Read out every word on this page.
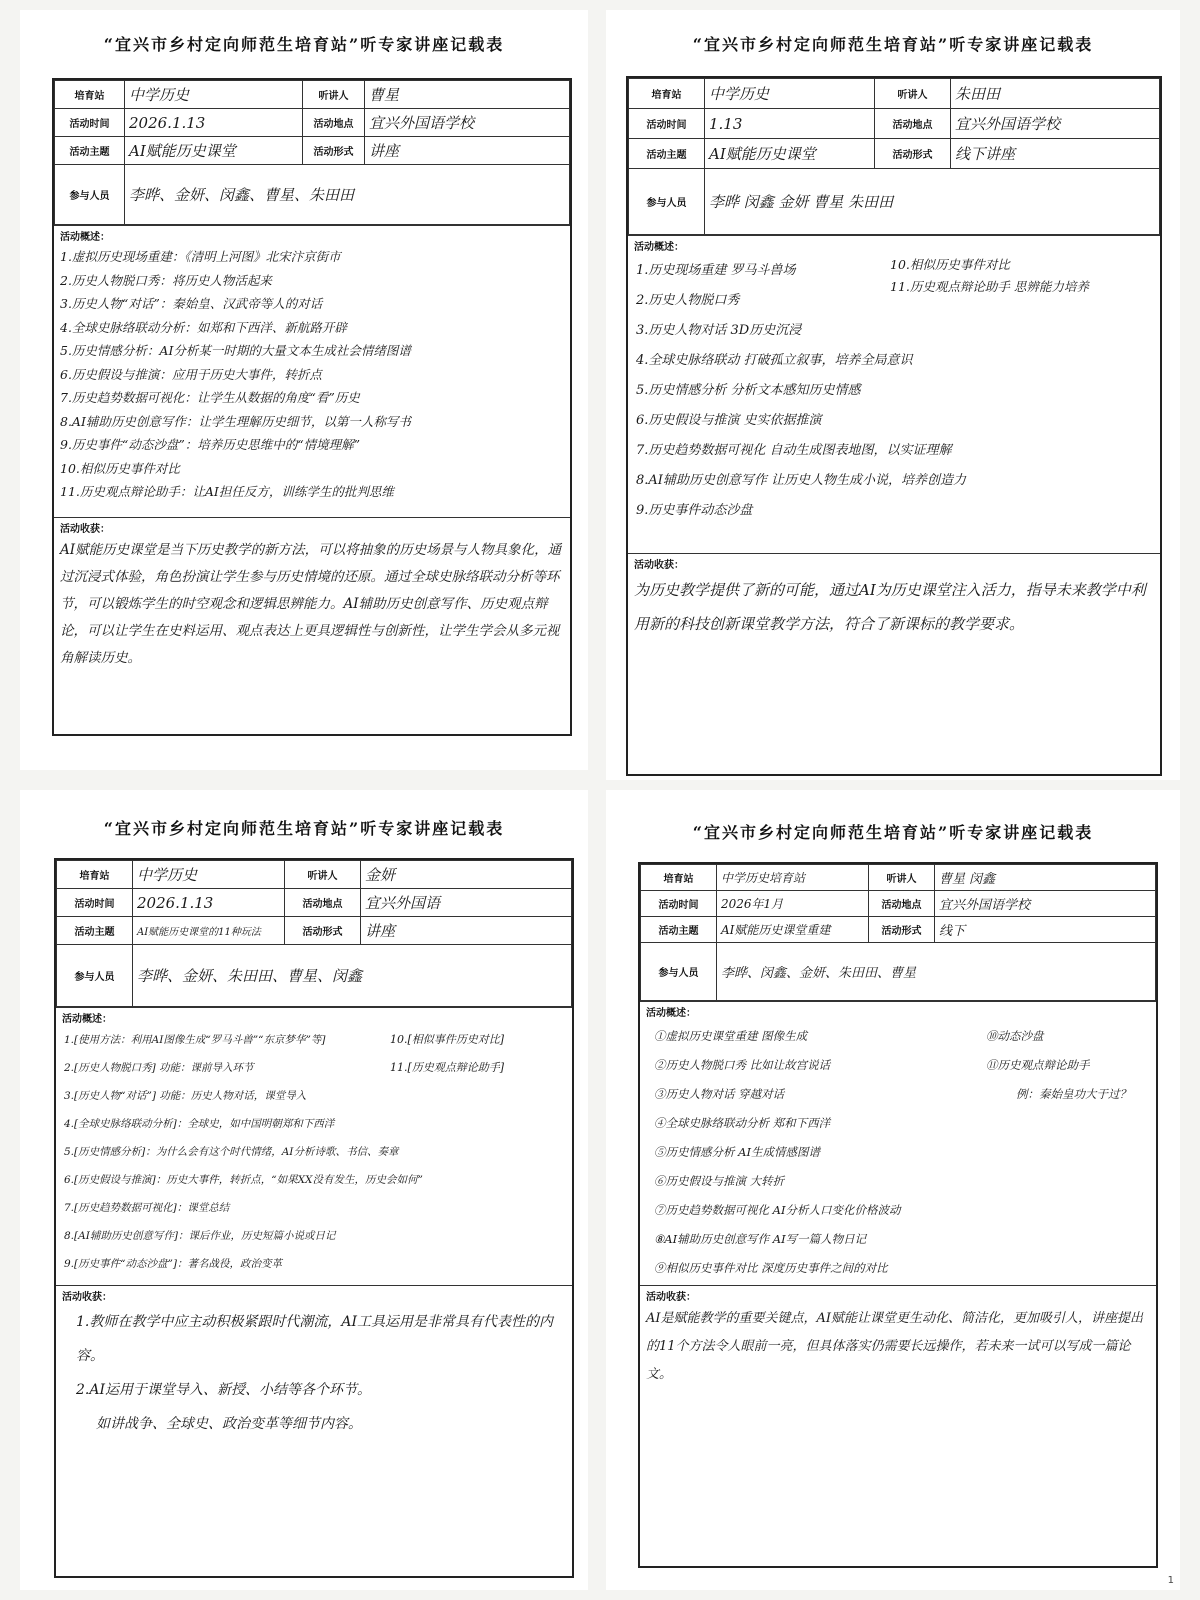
“宜兴市乡村定向师范生培育站”听专家讲座记载表
培育站	中学历史	听讲人	曹星
活动时间	2026.1.13	活动地点	宜兴外国语学校
活动主题	AI赋能历史课堂	活动形式	讲座
参与人员	李晔、金妍、闵鑫、曹星、朱田田		
活动概述：
1.虚拟历史现场重建：《清明上河图》北宋汴京街市
2.历史人物脱口秀：将历史人物活起来
3.历史人物“对话”：秦始皇、汉武帝等人的对话
4.全球史脉络联动分析：如郑和下西洋、新航路开辟
5.历史情感分析：AI分析某一时期的大量文本生成社会情绪图谱
6.历史假设与推演：应用于历史大事件，转折点
7.历史趋势数据可视化：让学生从数据的角度“看”历史
8.AI辅助历史创意写作：让学生理解历史细节，以第一人称写书
9.历史事件“动态沙盘”：培养历史思维中的“情境理解”
10.相似历史事件对比
11.历史观点辩论助手：让AI担任反方，训练学生的批判思维
活动收获：
AI赋能历史课堂是当下历史教学的新方法，可以将抽象的历史场景与人物具象化，通过沉浸式体验，角色扮演让学生参与历史情境的还原。通过全球史脉络联动分析等环节，可以锻炼学生的时空观念和逻辑思辨能力。AI辅助历史创意写作、历史观点辩论，可以让学生在史料运用、观点表达上更具逻辑性与创新性，让学生学会从多元视角解读历史。
“宜兴市乡村定向师范生培育站”听专家讲座记载表
培育站	中学历史	听讲人	朱田田
活动时间	1.13	活动地点	宜兴外国语学校
活动主题	AI赋能历史课堂	活动形式	线下讲座
参与人员	李晔 闵鑫 金妍 曹星 朱田田		
活动概述：
1.历史现场重建 罗马斗兽场
2.历史人物脱口秀
3.历史人物对话 3D历史沉浸
4.全球史脉络联动 打破孤立叙事，培养全局意识
5.历史情感分析 分析文本感知历史情感
6.历史假设与推演 史实依据推演
7.历史趋势数据可视化 自动生成图表地图，以实证理解
8.AI辅助历史创意写作 让历史人物生成小说，培养创造力
9.历史事件动态沙盘
10.相似历史事件对比
11.历史观点辩论助手 思辨能力培养
活动收获：
为历史教学提供了新的可能，通过AI为历史课堂注入活力，指导未来教学中利用新的科技创新课堂教学方法，符合了新课标的教学要求。
“宜兴市乡村定向师范生培育站”听专家讲座记载表
培育站	中学历史	听讲人	金妍
活动时间	2026.1.13	活动地点	宜兴外国语
活动主题	AI赋能历史课堂的11种玩法	活动形式	讲座
参与人员	李晔、金妍、朱田田、曹星、闵鑫		
活动概述：
1.[使用方法：利用AI图像生成“罗马斗兽”“东京梦华”等]
2.[历史人物脱口秀] 功能：课前导入环节
3.[历史人物“对话”] 功能：历史人物对话，课堂导入
4.[全球史脉络联动分析]：全球史，如中国明朝郑和下西洋
5.[历史情感分析]：为什么会有这个时代情绪，AI分析诗歌、书信、奏章
6.[历史假设与推演]：历史大事件，转折点，“如果XX没有发生，历史会如何”
7.[历史趋势数据可视化]：课堂总结
8.[AI辅助历史创意写作]：课后作业，历史短篇小说或日记
9.[历史事件“动态沙盘”]：著名战役，政治变革
10.[相似事件历史对比]
11.[历史观点辩论助手]
活动收获：
1.教师在教学中应主动积极紧跟时代潮流，AI工具运用是非常具有代表性的内容。
2.AI运用于课堂导入、新授、小结等各个环节。
如讲战争、全球史、政治变革等细节内容。
“宜兴市乡村定向师范生培育站”听专家讲座记载表
培育站	中学历史培育站	听讲人	曹星 闵鑫
活动时间	2026年1月	活动地点	宜兴外国语学校
活动主题	AI赋能历史课堂重建	活动形式	线下
参与人员	李晔、闵鑫、金妍、朱田田、曹星		
活动概述：
①虚拟历史课堂重建 图像生成
②历史人物脱口秀 比如让故宫说话
③历史人物对话 穿越对话
④全球史脉络联动分析 郑和下西洋
⑤历史情感分析 AI生成情感图谱
⑥历史假设与推演 大转折
⑦历史趋势数据可视化 AI分析人口变化价格波动
⑧AI辅助历史创意写作 AI写一篇人物日记
⑨相似历史事件对比 深度历史事件之间的对比
⑩动态沙盘
⑪历史观点辩论助手
例：秦始皇功大于过？
活动收获：
AI是赋能教学的重要关键点，AI赋能让课堂更生动化、简洁化，更加吸引人，讲座提出的11个方法令人眼前一亮，但具体落实仍需要长远操作，若未来一试可以写成一篇论文。
1
